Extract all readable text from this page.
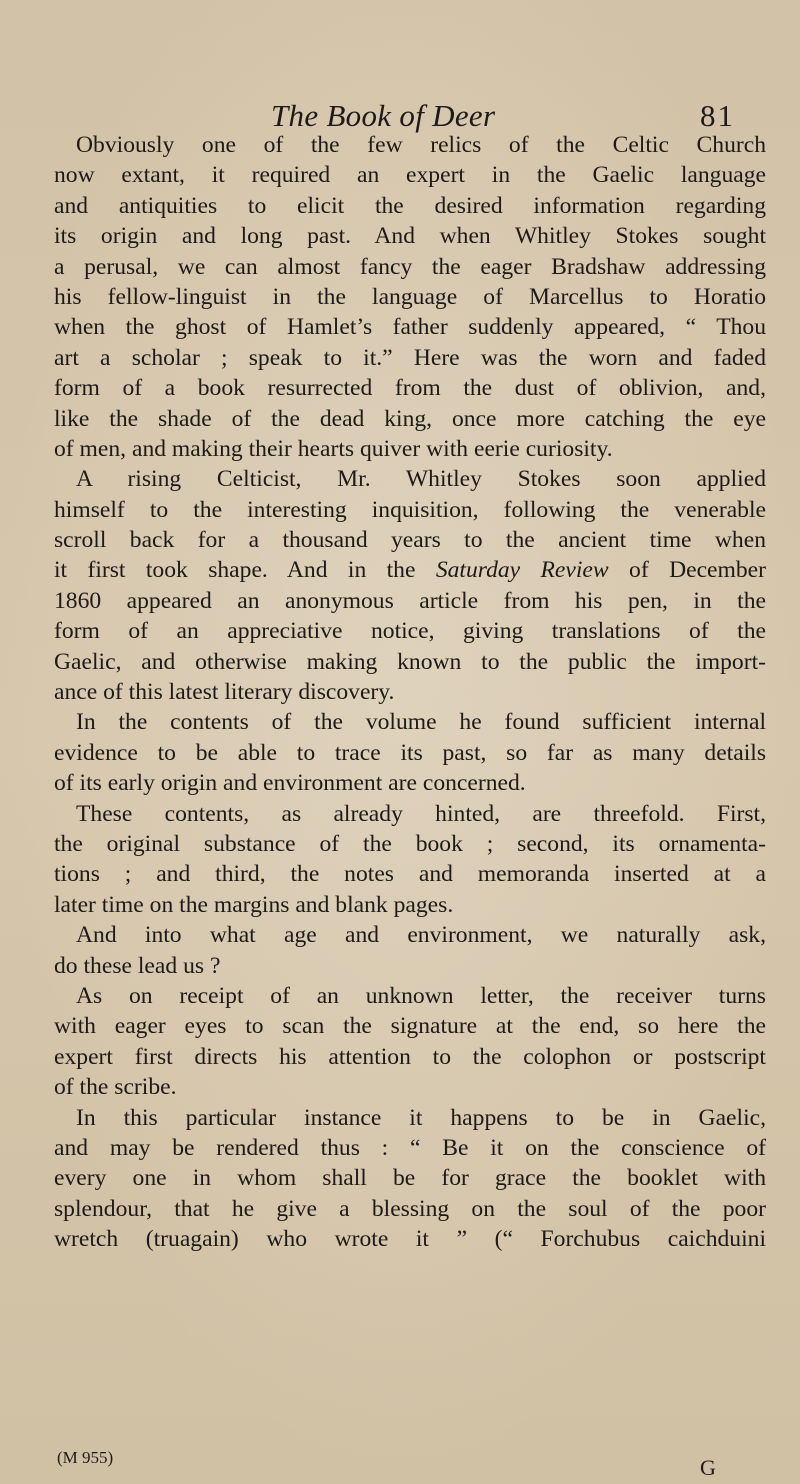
The Book of Deer	81
Obviously one of the few relics of the Celtic Church
now extant, it required an expert in the Gaelic language
and antiquities to elicit the desired information regarding
its origin and long past. And when Whitley Stokes sought
a perusal, we can almost fancy the eager Bradshaw addressing
his fellow-linguist in the language of Marcellus to Horatio
when the ghost of Hamlet’s father suddenly appeared, “ Thou
art a scholar ; speak to it.” Here was the worn and faded
form of a book resurrected from the dust of oblivion, and,
like the shade of the dead king, once more catching the eye
of men, and making their hearts quiver with eerie curiosity.
A rising Celticist, Mr. Whitley Stokes soon applied
himself to the interesting inquisition, following the venerable
scroll back for a thousand years to the ancient time when
it first took shape. And in the Saturday Review of December
1860 appeared an anonymous article from his pen, in the
form of an appreciative notice, giving translations of the
Gaelic, and otherwise making known to the public the import-
ance of this latest literary discovery.
In the contents of the volume he found sufficient internal
evidence to be able to trace its past, so far as many details
of its early origin and environment are concerned.
These contents, as already hinted, are threefold. First,
the original substance of the book ; second, its ornamenta-
tions ; and third, the notes and memoranda inserted at a
later time on the margins and blank pages.
And into what age and environment, we naturally ask,
do these lead us ?
As on receipt of an unknown letter, the receiver turns
with eager eyes to scan the signature at the end, so here the
expert first directs his attention to the colophon or postscript
of the scribe.
In this particular instance it happens to be in Gaelic,
and may be rendered thus : “ Be it on the conscience of
every one in whom shall be for grace the booklet with
splendour, that he give a blessing on the soul of the poor
wretch (truagain) who wrote it ” (“ Forchubus caichduini
(M 955)	G
